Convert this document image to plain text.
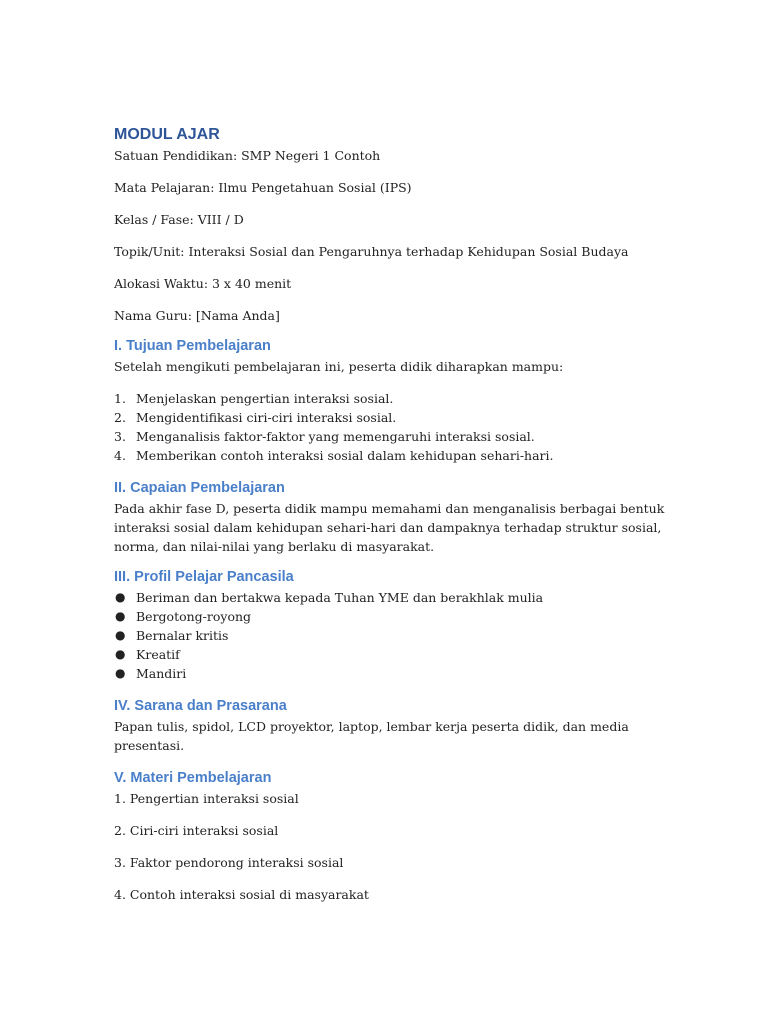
MODUL AJAR

Satuan Pendidikan: SMP Negeri 1 Contoh

Mata Pelajaran: Ilmu Pengetahuan Sosial (IPS)

Kelas / Fase: VIII / D

Topik/Unit: Interaksi Sosial dan Pengaruhnya terhadap Kehidupan Sosial Budaya

Alokasi Waktu: 3 x 40 menit

Nama Guru: [Nama Anda]

I. Tujuan Pembelajaran

Setelah mengikuti pembelajaran ini, peserta didik diharapkan mampu:

1. Menjelaskan pengertian interaksi sosial.
2. Mengidentifikasi ciri-ciri interaksi sosial.
3. Menganalisis faktor-faktor yang memengaruhi interaksi sosial.
4. Memberikan contoh interaksi sosial dalam kehidupan sehari-hari.
II. Capaian Pembelajaran

Pada akhir fase D, peserta didik mampu memahami dan menganalisis berbagai bentuk

interaksi sosial dalam kehidupan sehari-hari dan dampaknya terhadap struktur sosial,

norma, dan nilai-nilai yang berlaku di masyarakat.

III. Profil Pelajar Pancasila
● Beriman dan bertakwa kepada Tuhan YME dan berakhlak mulia
● Bergotong-royong
● Bernalar kritis
● Kreatif
● Mandiri
IV. Sarana dan Prasarana

Papan tulis, spidol, LCD proyektor, laptop, lembar kerja peserta didik, dan media presentasi.

V. Materi Pembelajaran

1. Pengertian interaksi sosial

2. Ciri-ciri interaksi sosial

3. Faktor pendorong interaksi sosial

4. Contoh interaksi sosial di masyarakat
